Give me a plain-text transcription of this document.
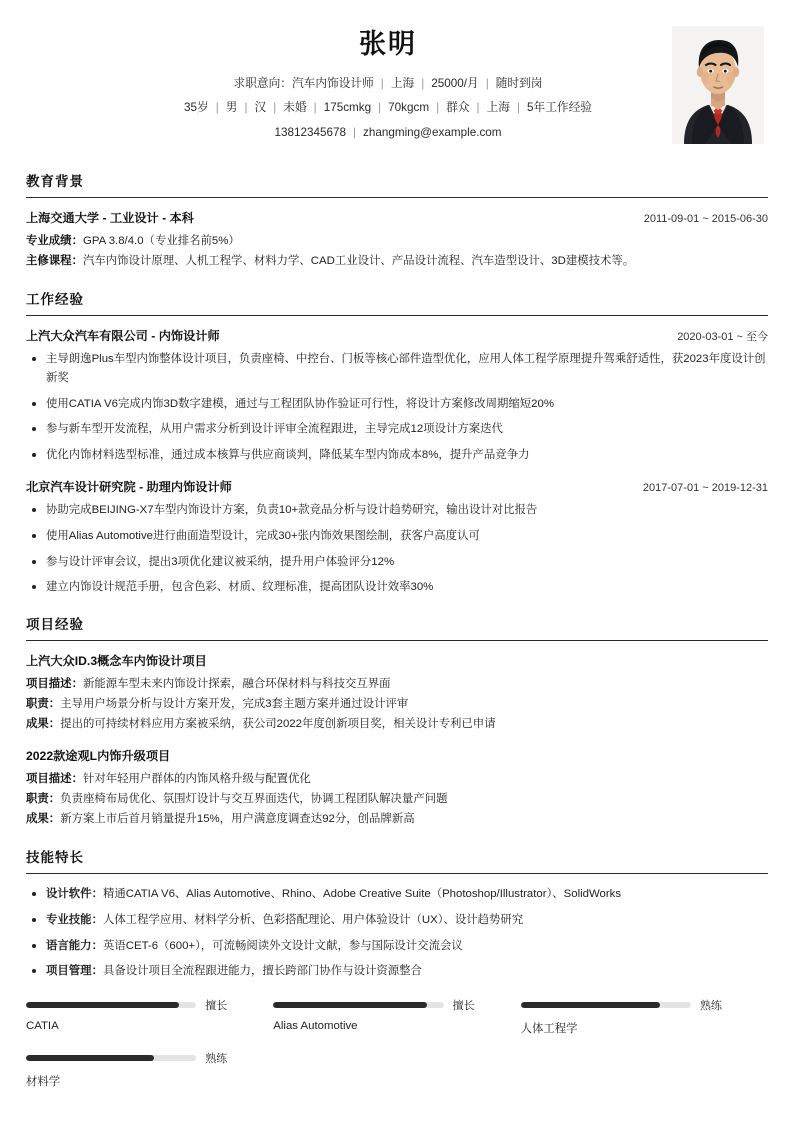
张明
求职意向：汽车内饰设计师 | 上海 | 25000/月 | 随时到岗
35岁 | 男 | 汉 | 未婚 | 175cmkg | 70kgcm | 群众 | 上海 | 5年工作经验
13812345678 | zhangming@example.com
教育背景
上海交通大学 - 工业设计 - 本科	2011-09-01 ~ 2015-06-30
专业成绩：GPA 3.8/4.0（专业排名前5%）
主修课程：汽车内饰设计原理、人机工程学、材料力学、CAD工业设计、产品设计流程、汽车造型设计、3D建模技术等。
工作经验
上汽大众汽车有限公司 - 内饰设计师	2020-03-01 ~ 至今
主导朗逸Plus车型内饰整体设计项目，负责座椅、中控台、门板等核心部件造型优化，应用人体工程学原理提升驾乘舒适性，获2023年度设计创新奖
使用CATIA V6完成内饰3D数字建模，通过与工程团队协作验证可行性，将设计方案修改周期缩短20%
参与新车型开发流程，从用户需求分析到设计评审全流程跟进，主导完成12项设计方案迭代
优化内饰材料选型标准，通过成本核算与供应商谈判，降低某车型内饰成本8%，提升产品竞争力
北京汽车设计研究院 - 助理内饰设计师	2017-07-01 ~ 2019-12-31
协助完成BEIJING-X7车型内饰设计方案，负责10+款竞品分析与设计趋势研究，输出设计对比报告
使用Alias Automotive进行曲面造型设计，完成30+张内饰效果图绘制，获客户高度认可
参与设计评审会议，提出3项优化建议被采纳，提升用户体验评分12%
建立内饰设计规范手册，包含色彩、材质、纹理标准，提高团队设计效率30%
项目经验
上汽大众ID.3概念车内饰设计项目
项目描述：新能源车型未来内饰设计探索，融合环保材料与科技交互界面
职责：主导用户场景分析与设计方案开发，完成3套主题方案并通过设计评审
成果：提出的可持续材料应用方案被采纳，获公司2022年度创新项目奖，相关设计专利已申请
2022款途观L内饰升级项目
项目描述：针对年轻用户群体的内饰风格升级与配置优化
职责：负责座椅布局优化、氛围灯设计与交互界面迭代，协调工程团队解决量产问题
成果：新方案上市后首月销量提升15%，用户满意度调查达92分，创品牌新高
技能特长
设计软件：精通CATIA V6、Alias Automotive、Rhino、Adobe Creative Suite（Photoshop/Illustrator）、SolidWorks
专业技能：人体工程学应用、材料学分析、色彩搭配理论、用户体验设计（UX）、设计趋势研究
语言能力：英语CET-6（600+），可流畅阅读外文设计文献，参与国际设计交流会议
项目管理：具备设计项目全流程跟进能力，擅长跨部门协作与设计资源整合
擅长
CATIA
擅长
Alias Automotive
熟练
人体工程学
熟练
材料学
